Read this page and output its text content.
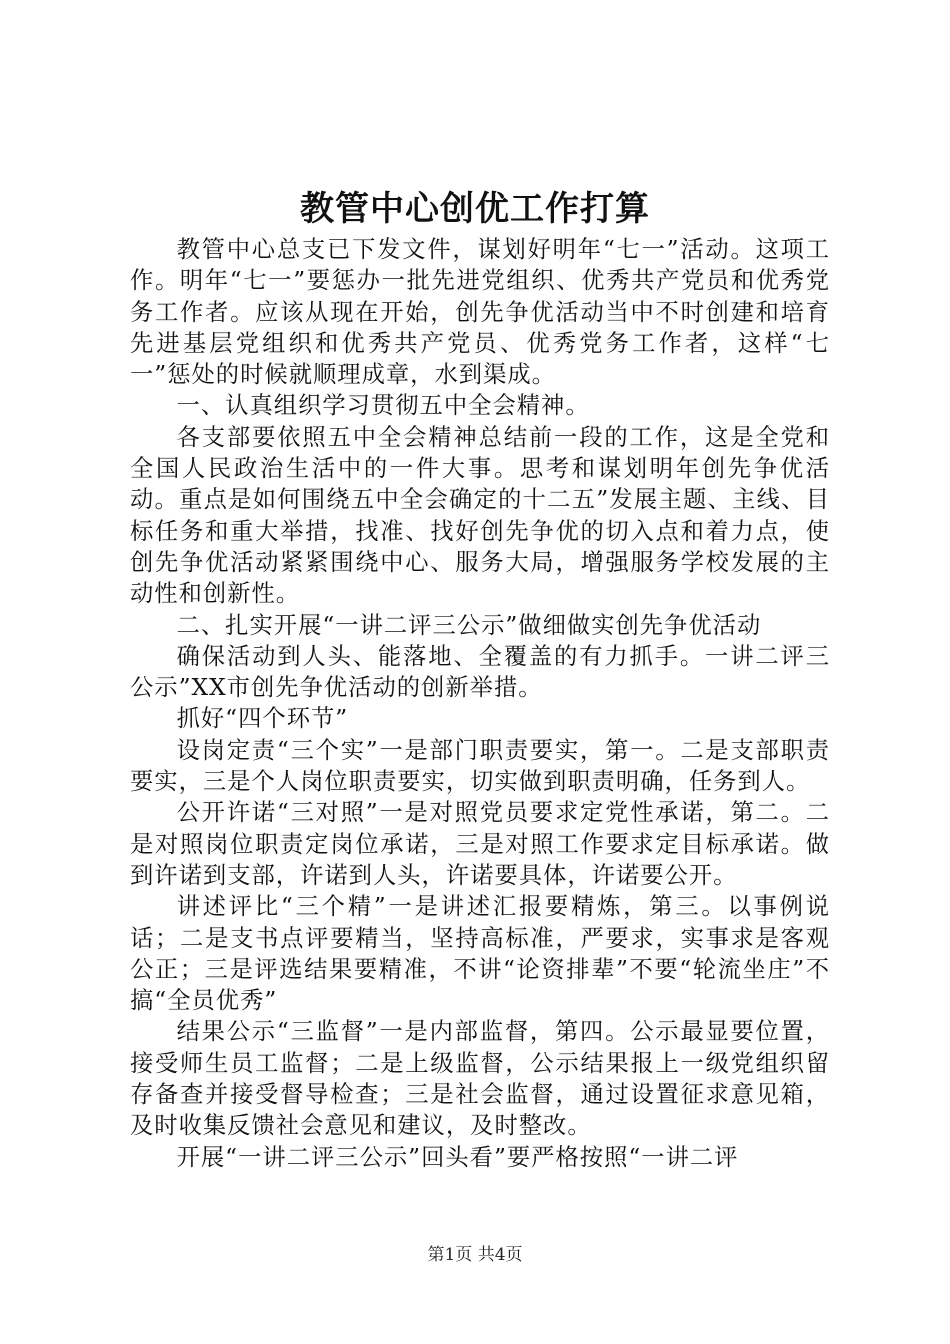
教管中心创优工作打算

教管中心总支已下发文件，谋划好明年“七一”活动。这项工作。明年“七一”要惩办一批先进党组织、优秀共产党员和优秀党务工作者。应该从现在开始，创先争优活动当中不时创建和培育先进基层党组织和优秀共产党员、优秀党务工作者，这样“七一”惩处的时候就顺理成章，水到渠成。

一、认真组织学习贯彻五中全会精神。

各支部要依照五中全会精神总结前一段的工作，这是全党和全国人民政治生活中的一件大事。思考和谋划明年创先争优活动。重点是如何围绕五中全会确定的十二五”发展主题、主线、目标任务和重大举措，找准、找好创先争优的切入点和着力点，使创先争优活动紧紧围绕中心、服务大局，增强服务学校发展的主动性和创新性。

二、扎实开展“一讲二评三公示”做细做实创先争优活动

确保活动到人头、能落地、全覆盖的有力抓手。一讲二评三公示”XX市创先争优活动的创新举措。

抓好“四个环节”

设岗定责“三个实”一是部门职责要实，第一。二是支部职责要实，三是个人岗位职责要实，切实做到职责明确，任务到人。

公开许诺“三对照”一是对照党员要求定党性承诺，第二。二是对照岗位职责定岗位承诺，三是对照工作要求定目标承诺。做到许诺到支部，许诺到人头，许诺要具体，许诺要公开。

讲述评比“三个精”一是讲述汇报要精炼，第三。以事例说话；二是支书点评要精当，坚持高标准，严要求，实事求是客观公正；三是评选结果要精准，不讲“论资排辈”不要“轮流坐庄”不搞“全员优秀”

结果公示“三监督”一是内部监督，第四。公示最显要位置，接受师生员工监督；二是上级监督，公示结果报上一级党组织留存备查并接受督导检查；三是社会监督，通过设置征求意见箱，及时收集反馈社会意见和建议，及时整改。

开展“一讲二评三公示”回头看”要严格按照“一讲二评

第1页 共4页
